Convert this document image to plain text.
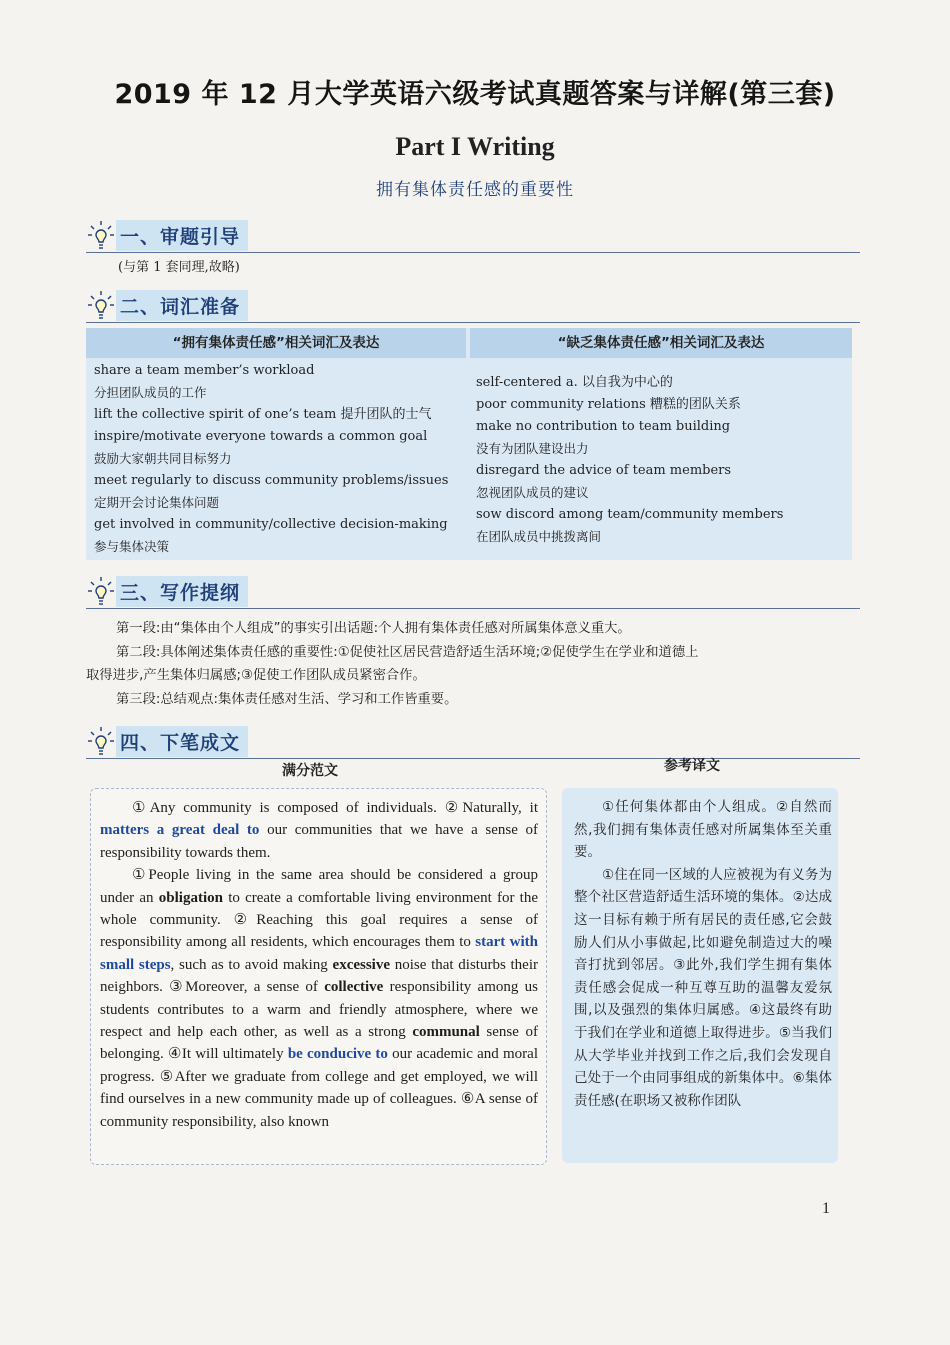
2019 年 12 月大学英语六级考试真题答案与详解(第三套)
Part I Writing
拥有集体责任感的重要性
一、审题引导
(与第 1 套同理,故略)
二、词汇准备
“拥有集体责任感”相关词汇及表达	“缺乏集体责任感”相关词汇及表达
share a team member’s workload
分担团队成员的工作
lift the collective spirit of one’s team 提升团队的士气
inspire/motivate everyone towards a common goal
鼓励大家朝共同目标努力
meet regularly to discuss community problems/issues
定期开会讨论集体问题
get involved in community/collective decision-making
参与集体决策
self-centered a. 以自我为中心的
poor community relations 糟糕的团队关系
make no contribution to team building
没有为团队建设出力
disregard the advice of team members
忽视团队成员的建议
sow discord among team/community members
在团队成员中挑拨离间
三、写作提纲

第一段:由“集体由个人组成”的事实引出话题:个人拥有集体责任感对所属集体意义重大。

第二段:具体阐述集体责任感的重要性:①促使社区居民营造舒适生活环境;②促使学生在学业和道德上

取得进步,产生集体归属感;③促使工作团队成员紧密合作。

第三段:总结观点:集体责任感对生活、学习和工作皆重要。

四、下笔成文
满分范文	参考译文

①Any community is composed of individuals. ②Naturally, it matters a great deal to our communities that we have a sense of responsibility towards them.

①People living in the same area should be considered a group under an obligation to create a comfortable living environment for the whole community. ②Reaching this goal requires a sense of responsibility among all residents, which encourages them to start with small steps, such as to avoid making excessive noise that disturbs their neighbors. ③Moreover, a sense of collective responsibility among us students contributes to a warm and friendly atmosphere, where we respect and help each other, as well as a strong communal sense of belonging. ④It will ultimately be conducive to our academic and moral progress. ⑤After we graduate from college and get employed, we will find ourselves in a new community made up of colleagues. ⑥A sense of community responsibility, also known

①任何集体都由个人组成。②自然而然,我们拥有集体责任感对所属集体至关重要。

①住在同一区域的人应被视为有义务为整个社区营造舒适生活环境的集体。②达成这一目标有赖于所有居民的责任感,它会鼓励人们从小事做起,比如避免制造过大的噪音打扰到邻居。③此外,我们学生拥有集体责任感会促成一种互尊互助的温馨友爱氛围,以及强烈的集体归属感。④这最终有助于我们在学业和道德上取得进步。⑤当我们从大学毕业并找到工作之后,我们会发现自己处于一个由同事组成的新集体中。⑥集体责任感(在职场又被称作团队

1
